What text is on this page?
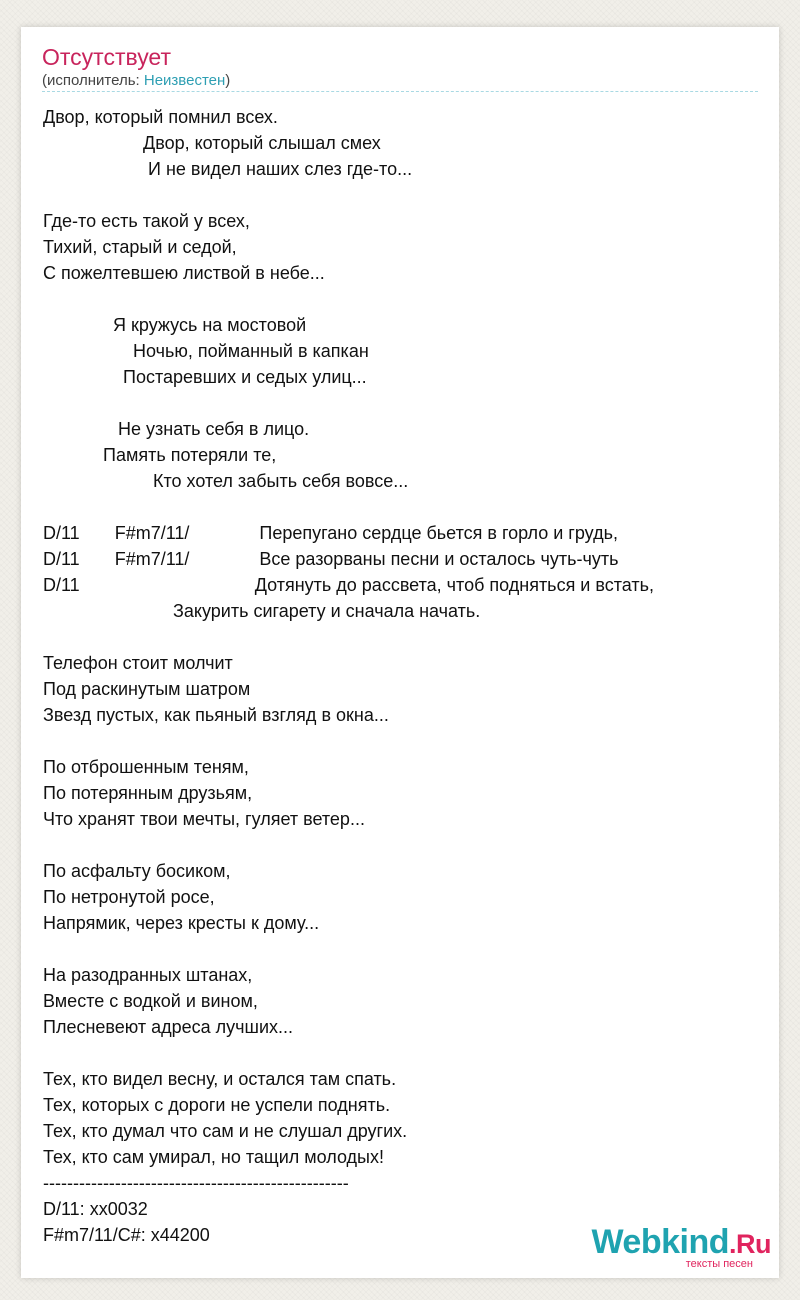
Отсутствует
(исполнитель: Неизвестен)
Двор, который помнил всех.
Двор, который слышал смех
И не видел наших слез где-то...

Где-то есть такой у всех,
Тихий, старый и седой,
С пожелтевшею листвой в небе...

Я кружусь на мостовой
Ночью, пойманный в капкан
Постаревших и седых улиц...

Не узнать себя в лицо.
Память потеряли те,
Кто хотел забыть себя вовсе...

D/11       F#m7/11/              Перепугано сердце бьется в горло и грудь,
D/11       F#m7/11/              Все разорваны песни и осталось чуть-чуть
D/11                                   Дотянуть до рассвета, чтоб подняться и встать,
Закурить сигарету и сначала начать.

Телефон стоит молчит
Под раскинутым шатром
Звезд пустых, как пьяный взгляд в окна...

По отброшенным теням,
По потерянным друзьям,
Что хранят твои мечты, гуляет ветер...

По асфальту босиком,
По нетронутой росе,
Напрямик, через кресты к дому...

На разодранных штанах,
Вместе с водкой и вином,
Плесневеют адреса лучших...

Тех, кто видел весну, и остался там спать.
Тех, которых с дороги не успели поднять.
Тех, кто думал что сам и не слушал других.
Тех, кто сам умирал, но тащил молодых!
---------------------------------------------------
D/11: xx0032
F#m7/11/C#: x44200	Webkind.Ru
тексты песен
